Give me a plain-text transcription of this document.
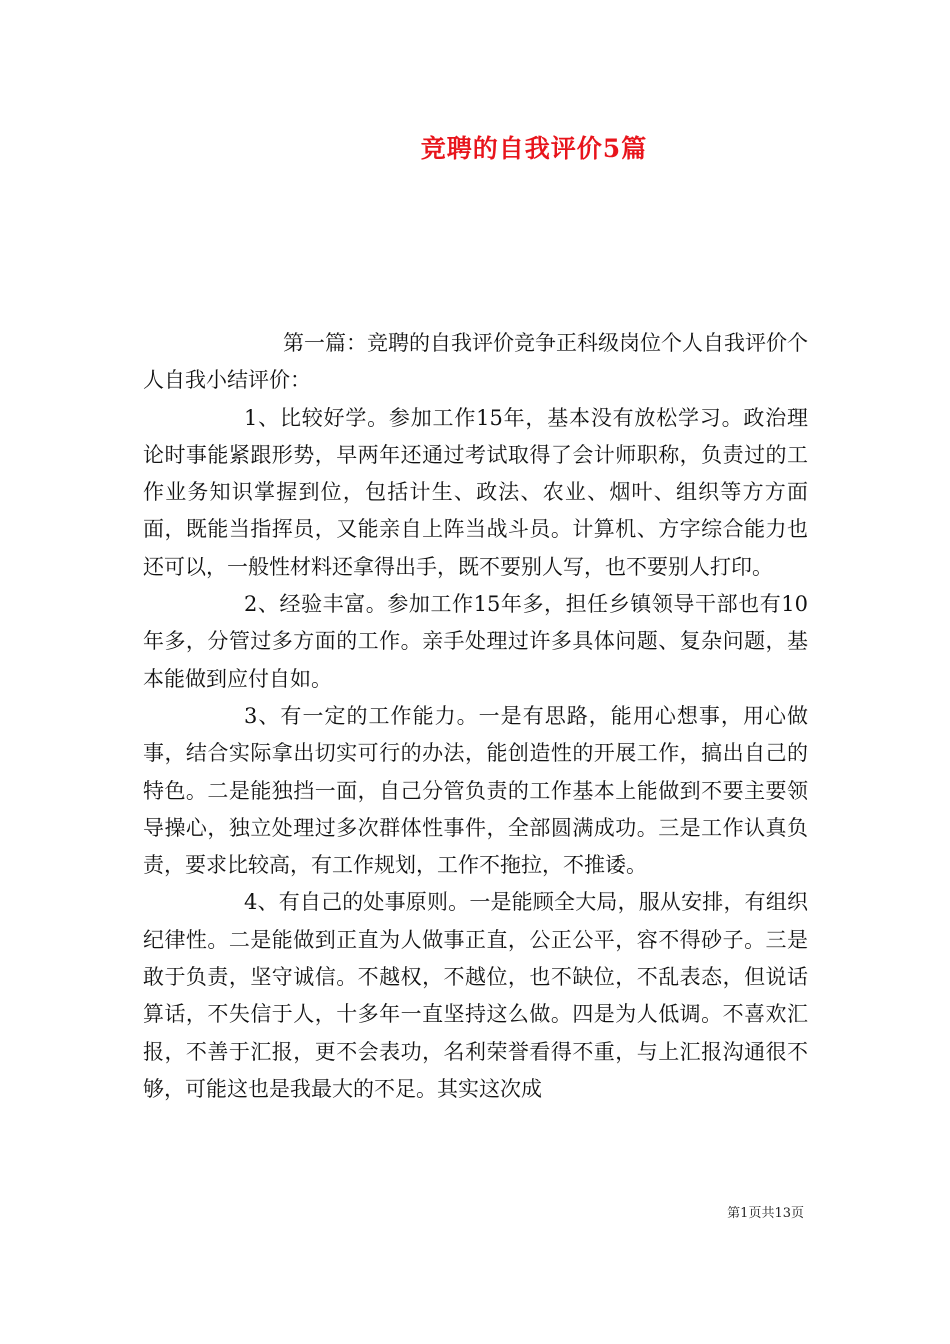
竞聘的自我评价5篇

第一篇：竞聘的自我评价竞争正科级岗位个人自我评价个人自我小结评价：

1、比较好学。参加工作15年，基本没有放松学习。政治理论时事能紧跟形势，早两年还通过考试取得了会计师职称，负责过的工作业务知识掌握到位，包括计生、政法、农业、烟叶、组织等方方面面，既能当指挥员，又能亲自上阵当战斗员。计算机、方字综合能力也还可以，一般性材料还拿得出手，既不要别人写，也不要别人打印。

2、经验丰富。参加工作15年多，担任乡镇领导干部也有10年多，分管过多方面的工作。亲手处理过许多具体问题、复杂问题，基本能做到应付自如。

3、有一定的工作能力。一是有思路，能用心想事，用心做事，结合实际拿出切实可行的办法，能创造性的开展工作，搞出自己的特色。二是能独挡一面，自己分管负责的工作基本上能做到不要主要领导操心，独立处理过多次群体性事件，全部圆满成功。三是工作认真负责，要求比较高，有工作规划，工作不拖拉，不推诿。

4、有自己的处事原则。一是能顾全大局，服从安排，有组织纪律性。二是能做到正直为人做事正直，公正公平，容不得砂子。三是敢于负责，坚守诚信。不越权，不越位，也不缺位，不乱表态，但说话算话，不失信于人，十多年一直坚持这么做。四是为人低调。不喜欢汇报，不善于汇报，更不会表功，名利荣誉看得不重，与上汇报沟通很不够，可能这也是我最大的不足。其实这次成

第1页共13页
